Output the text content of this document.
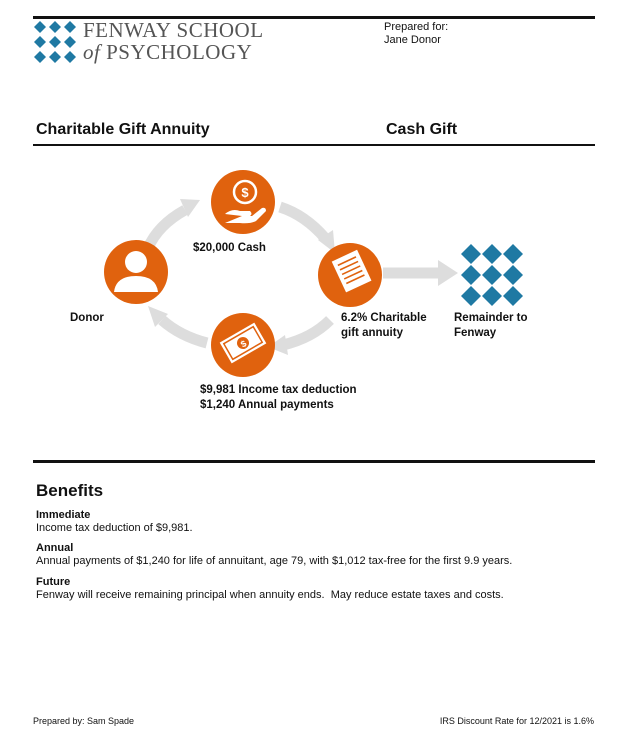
FENWAY SCHOOL
of PSYCHOLOGY
Prepared for:
Jane Donor
Charitable Gift Annuity	Cash Gift
$
$
Donor
$20,000 Cash
6.2% Charitable
gift annuity
Remainder to
Fenway
$9,981 Income tax deduction
$1,240 Annual payments
Benefits
Immediate
Income tax deduction of $9,981.
Annual
Annual payments of $1,240 for life of annuitant, age 79, with $1,012 tax-free for the first 9.9 years.
Future
Fenway will receive remaining principal when annuity ends.  May reduce estate taxes and costs.
Prepared by: Sam Spade	IRS Discount Rate for 12/2021 is 1.6%
